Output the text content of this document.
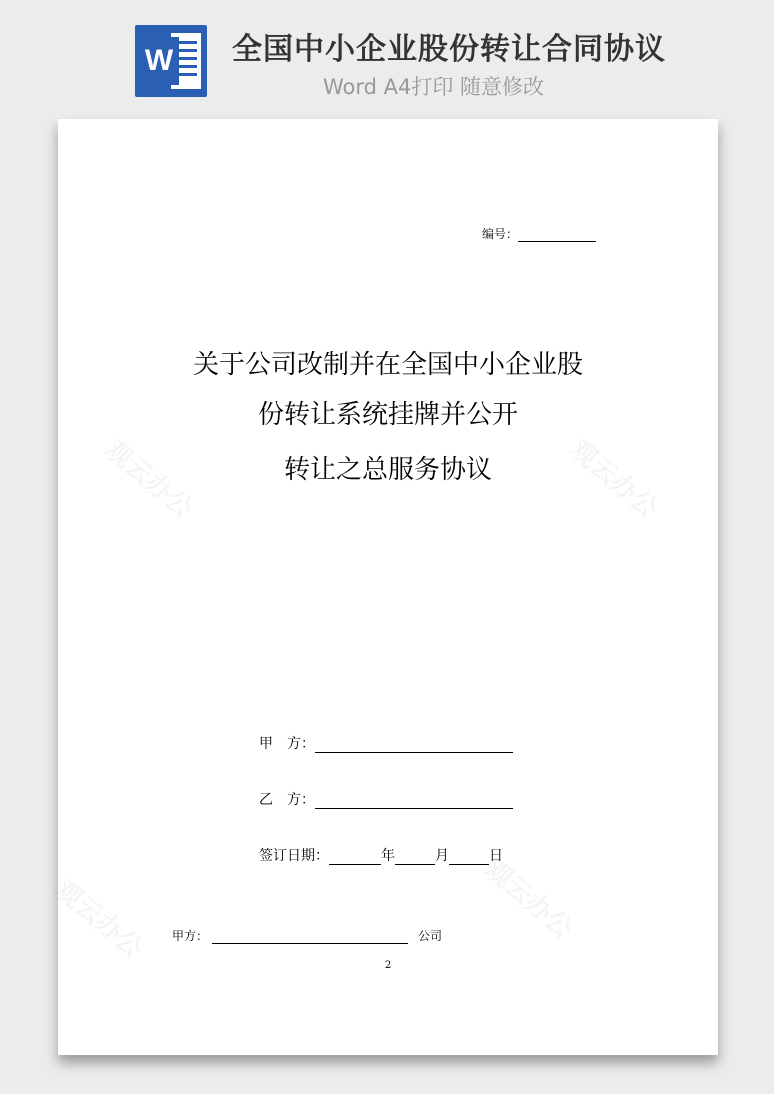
W 全国中小企业股份转让合同协议
Word A4打印 随意修改
编号：
关于公司改制并在全国中小企业股
份转让系统挂牌并公开
转让之总服务协议
甲　方：
乙　方：
签订日期：	年	月	日
甲方：	公司
2
